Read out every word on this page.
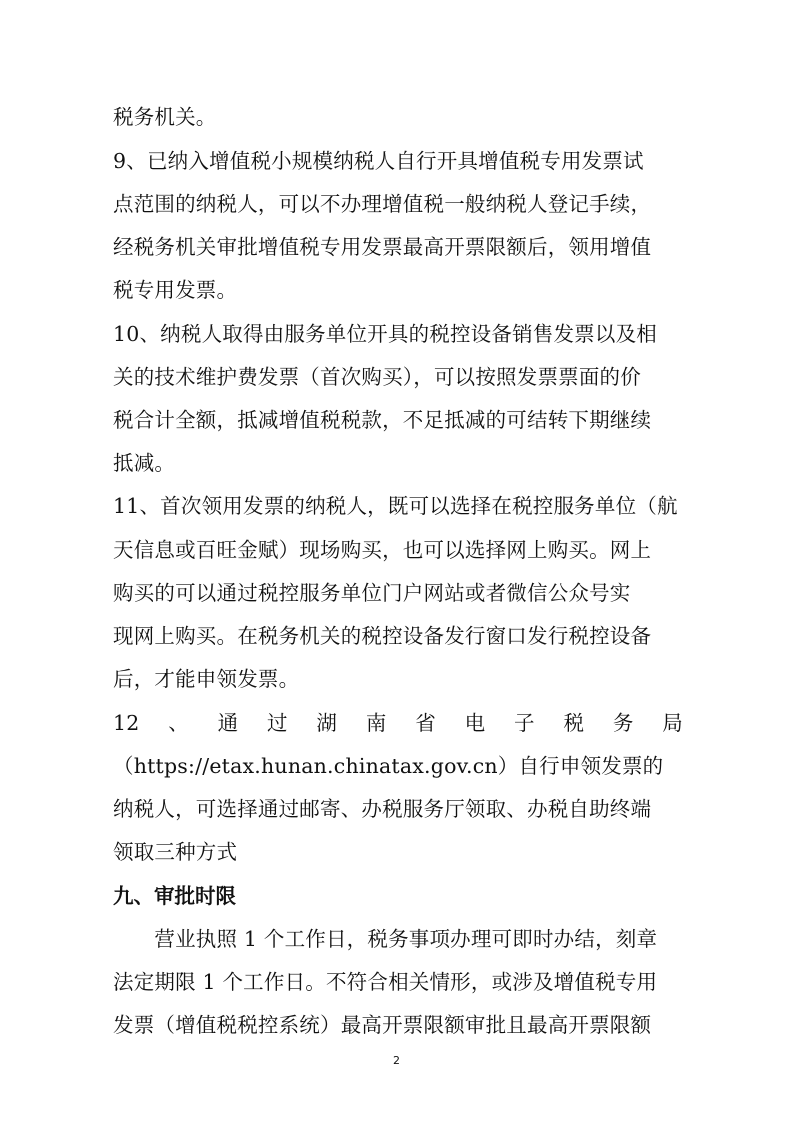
税务机关。
9、已纳入增值税小规模纳税人自行开具增值税专用发票试
点范围的纳税人，可以不办理增值税一般纳税人登记手续，
经税务机关审批增值税专用发票最高开票限额后，领用增值
税专用发票。
10、纳税人取得由服务单位开具的税控设备销售发票以及相
关的技术维护费发票（首次购买），可以按照发票票面的价
税合计全额，抵减增值税税款，不足抵减的可结转下期继续
抵减。
11、首次领用发票的纳税人，既可以选择在税控服务单位（航
天信息或百旺金赋）现场购买，也可以选择网上购买。网上
购买的可以通过税控服务单位门户网站或者微信公众号实
现网上购买。在税务机关的税控设备发行窗口发行税控设备
后，才能申领发票。
12 、 通 过 湖 南 省 电 子 税 务 局
（https://etax.hunan.chinatax.gov.cn）自行申领发票的
纳税人，可选择通过邮寄、办税服务厅领取、办税自助终端
领取三种方式
九、审批时限
　　营业执照 1 个工作日，税务事项办理可即时办结，刻章
法定期限 1 个工作日。不符合相关情形，或涉及增值税专用
发票（增值税税控系统）最高开票限额审批且最高开票限额
2
